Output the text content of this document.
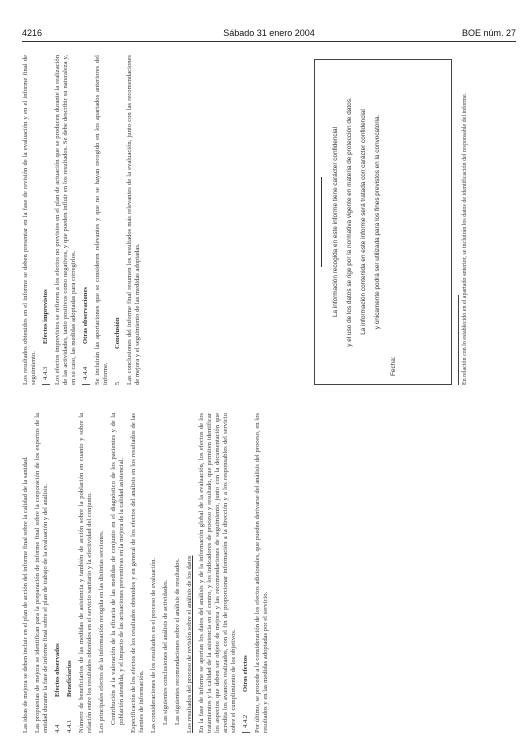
4216	Sábado 31 enero 2004	BOE núm. 27

Las ideas de mejora se deben incluir en el plan de acción del informe final sobre la calidad de la sanidad. Las propuestas de mejora se identifican para la preparación de informe final sobre la corporación de los expertos de la entidad durante la fase de informe final sobre el plan de trabajo de la evaluación y del análisis. 4.4
Efectos observados
4.4.1
Beneficiarios Número de beneficiarios de las medidas de asistencia y también de acción sobre la población en cuanto y sobre la relación entre los resultados obtenidos en el servicio sanitario y la efectividad del conjunto. Los principales efectos de la información recogida en las distintas secciones. Contribución a la valoración de la eficacia de las medidas de conjunto en el diagnóstico de los pacientes y de la población atendida, y el impacto de las actuaciones preventivas en la mejora de la calidad asistencial. Especificación de los efectos de los resultados obtenidos y en general de los efectos del análisis en los resultados de las fuentes de información. Las consideraciones de los resultados en el proceso de evaluación. Las siguientes conclusiones del análisis de actividades. Las siguientes recomendaciones sobre el análisis de resultados. Los resultados del proceso de revisión sobre el análisis de los datos En la fase de informe se aportan los datos del análisis y de la información global de la evaluación, los efectos de los tratamientos y la calidad de la asistencia en el centro, y los indicadores de proceso y resultado, que permiten identificar los aspectos que deben ser objeto de mejora y las recomendaciones de seguimiento, junto con la documentación que acredita los avances realizados, con el fin de proporcionar información a la dirección y a los responsables del servicio sobre el cumplimiento de los objetivos. 4.4.2
Otros efectos Por último, se procede a la consideración de los efectos adicionales, que pueden derivarse del análisis del proceso, en los resultados y en las medidas adoptadas por el servicio.

Los resultados obtenidos en el informe se deben presentar en la fase de revisión de la evaluación y en el informe final de seguimiento. 4.4.3
Efectos imprevistos Los efectos imprevistos se refieren a los efectos no previstos en el plan de actuación que se producen durante la realización de las actividades, tanto positivos como negativos, y que pueden influir en los resultados. Se debe describir su naturaleza y, en su caso, las medidas adoptadas para corregirlos. 4.4.4
Otras observaciones Se incluirán las aportaciones que se consideren relevantes y que no se hayan recogido en los apartados anteriores del informe. 5
Conclusión Las conclusiones del informe final resumen los resultados más relevantes de la evaluación, junto con las recomendaciones de mejora y el seguimiento de las medidas adoptadas.	La información recogida en este informe tiene carácter confidencial y el uso de los datos se rige por la normativa vigente en materia de protección de datos. La información contenida en este informe será tratada con carácter confidencial y únicamente podrá ser utilizada para los fines previstos en la convocatoria.
Fecha:	En relación con lo establecido en el apartado anterior, se incluirán los datos de identificación del responsable del informe.
